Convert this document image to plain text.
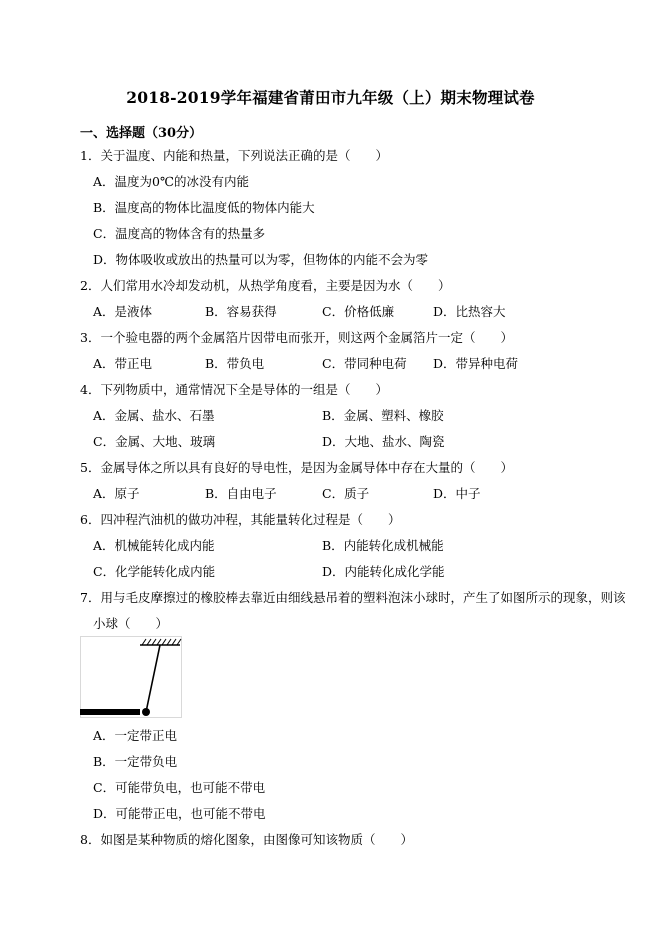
2018-2019学年福建省莆田市九年级（上）期末物理试卷
一、选择题（30分）
1．关于温度、内能和热量，下列说法正确的是（　　）
A．温度为0℃的冰没有内能
B．温度高的物体比温度低的物体内能大
C．温度高的物体含有的热量多
D．物体吸收或放出的热量可以为零，但物体的内能不会为零
2．人们常用水冷却发动机，从热学角度看，主要是因为水（　　）
A．是液体	B．容易获得	C．价格低廉	D．比热容大
3．一个验电器的两个金属箔片因带电而张开，则这两个金属箔片一定（　　）
A．带正电	B．带负电	C．带同种电荷 D．带异种电荷
4．下列物质中，通常情况下全是导体的一组是（　　）
A．金属、盐水、石墨	B．金属、塑料、橡胶
C．金属、大地、玻璃	D．大地、盐水、陶瓷
5．金属导体之所以具有良好的导电性，是因为金属导体中存在大量的（　　）
A．原子	B．自由电子	C．质子	D．中子
6．四冲程汽油机的做功冲程，其能量转化过程是（　　）
A．机械能转化成内能	B．内能转化成机械能
C．化学能转化成内能	D．内能转化成化学能
7．用与毛皮摩擦过的橡胶棒去靠近由细线悬吊着的塑料泡沫小球时，产生了如图所示的现象，则该
小球（　　）
A．一定带正电
B．一定带负电
C．可能带负电，也可能不带电
D．可能带正电，也可能不带电
8．如图是某种物质的熔化图象，由图像可知该物质（　　）
